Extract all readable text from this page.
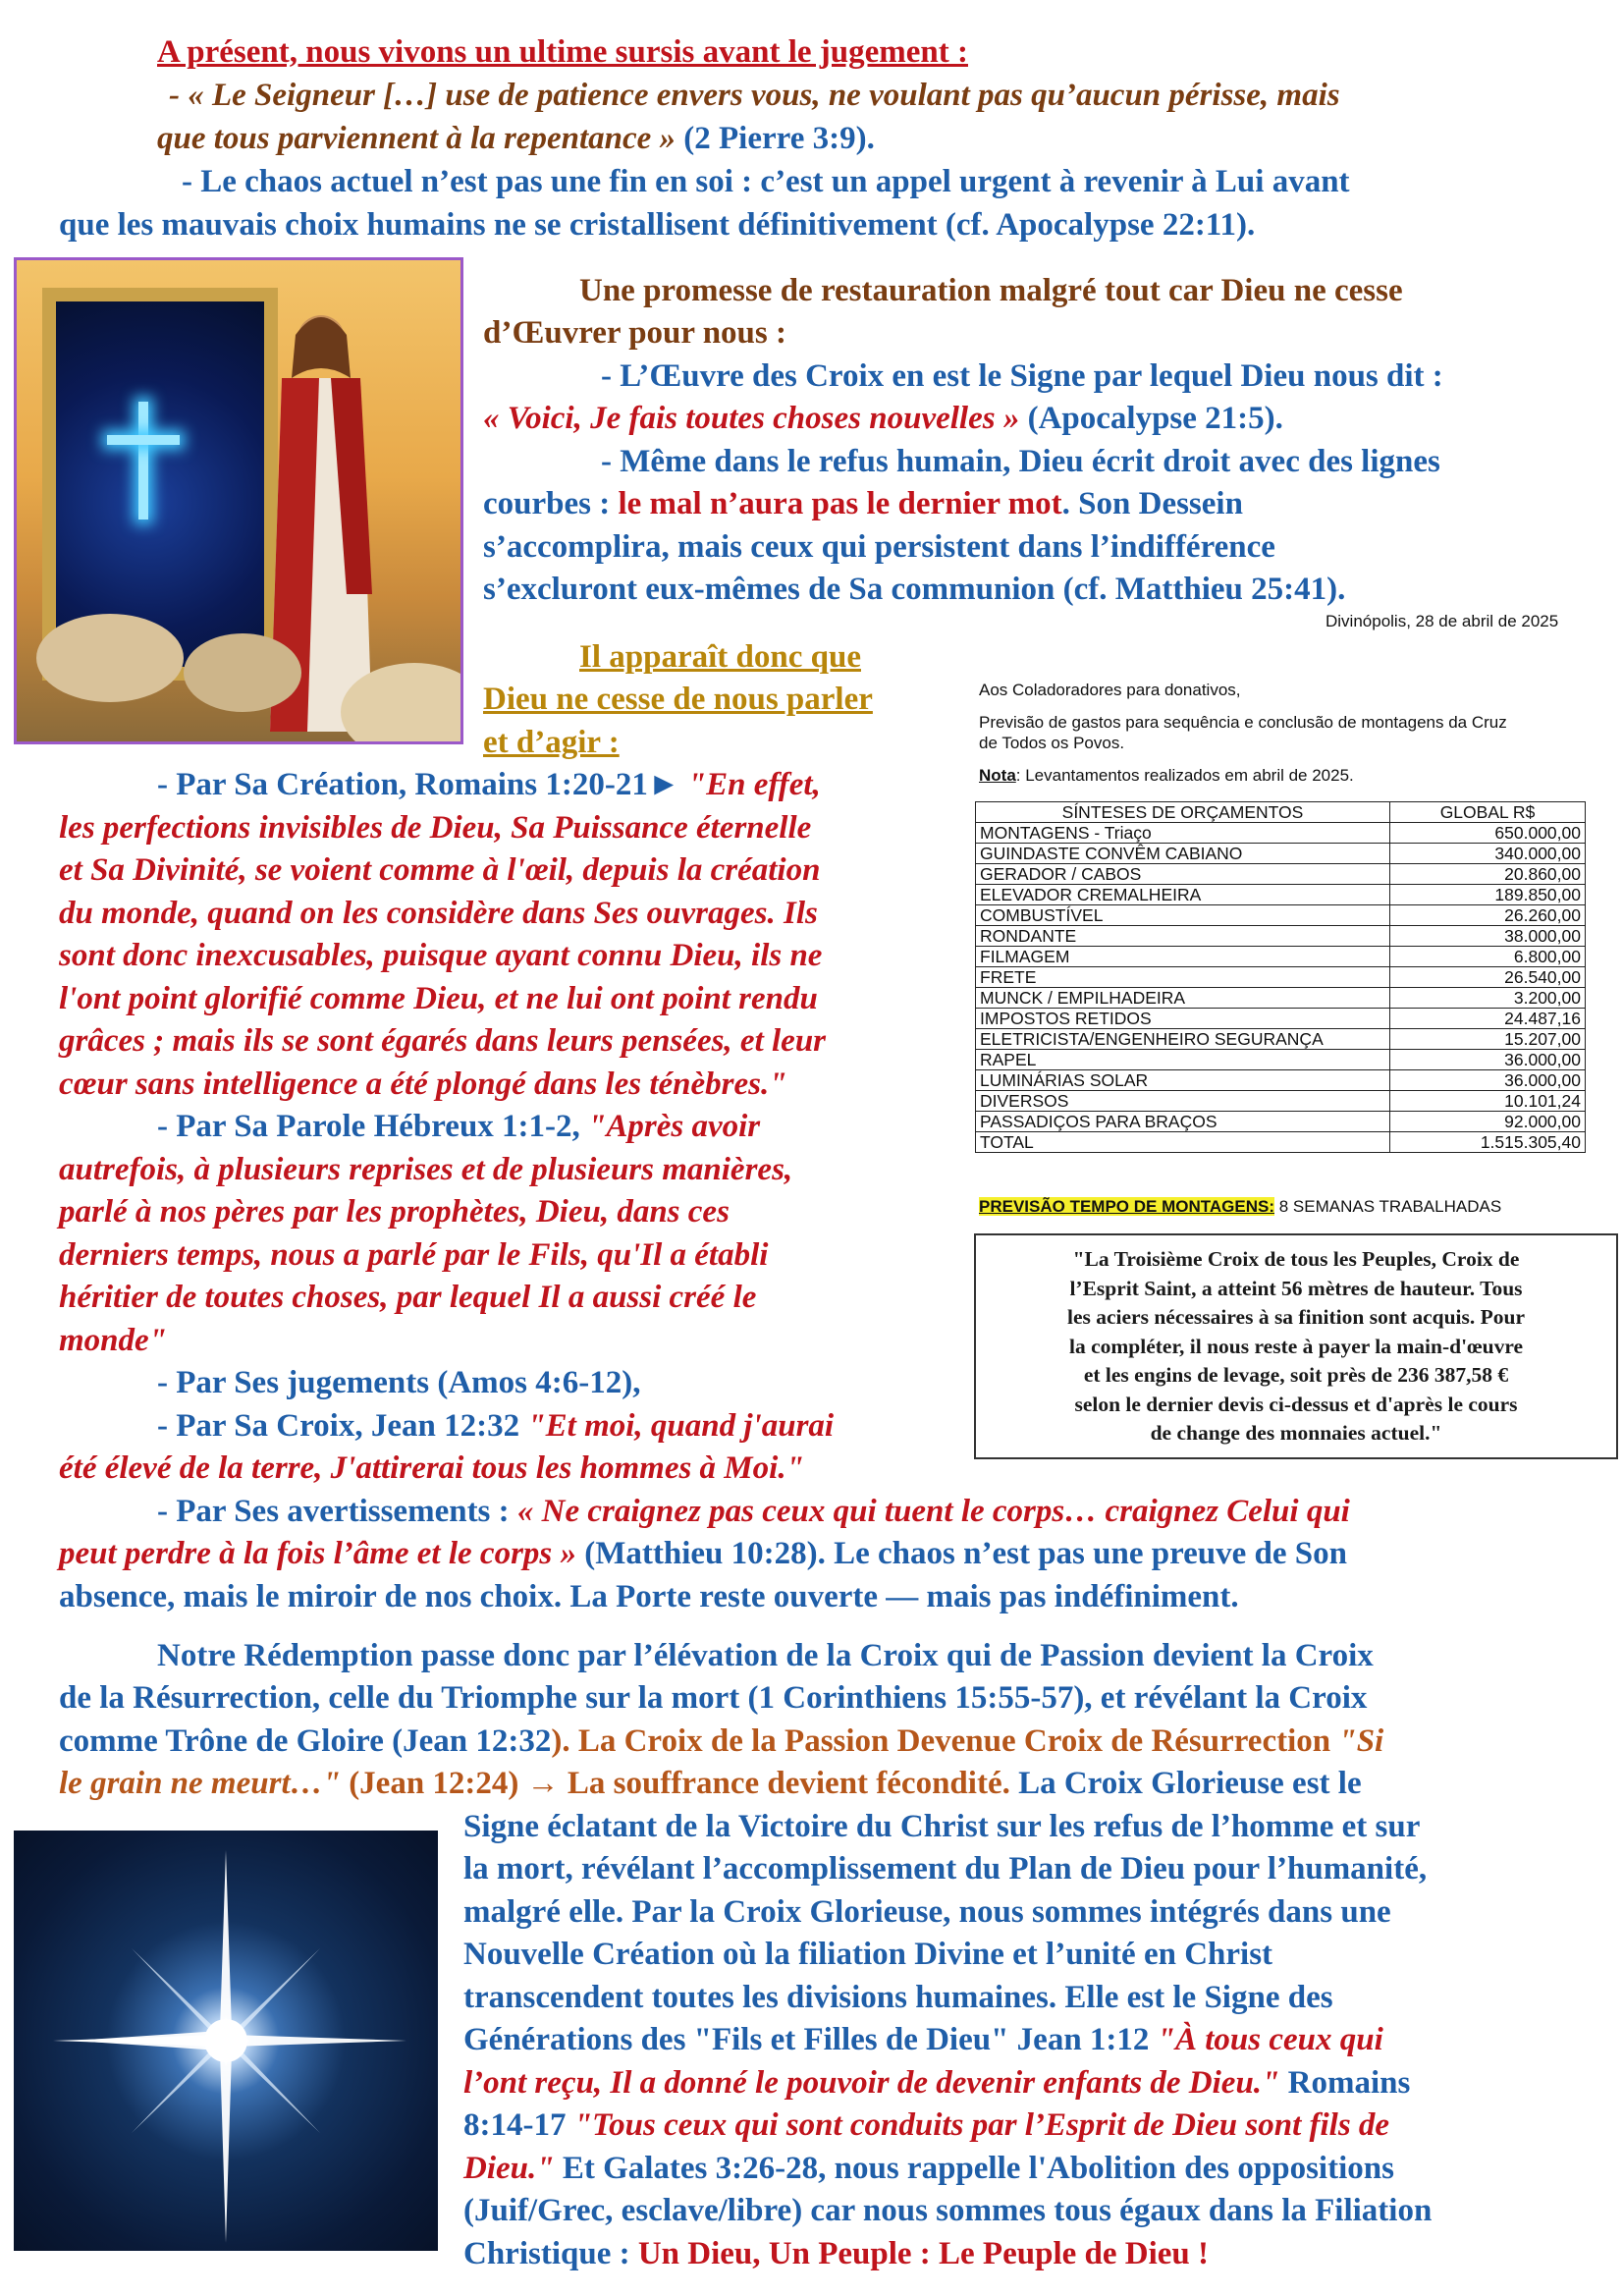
A présent, nous vivons un ultime sursis avant le jugement :
- « Le Seigneur […] use de patience envers vous, ne voulant pas qu’aucun périsse, mais
que tous parviennent à la repentance » (2 Pierre 3:9).
- Le chaos actuel n’est pas une fin en soi : c’est un appel urgent à revenir à Lui avant
que les mauvais choix humains ne se cristallisent définitivement (cf. Apocalypse 22:11).
Une promesse de restauration malgré tout car Dieu ne cesse
d’Œuvrer pour nous :
- L’Œuvre des Croix en est le Signe par lequel Dieu nous dit :
« Voici, Je fais toutes choses nouvelles » (Apocalypse 21:5).
- Même dans le refus humain, Dieu écrit droit avec des lignes
courbes : le mal n’aura pas le dernier mot. Son Dessein
s’accomplira, mais ceux qui persistent dans l’indifférence
s’excluront eux-mêmes de Sa communion (cf. Matthieu 25:41).
Il apparaît donc que
Dieu ne cesse de nous parler
et d’agir :
- Par Sa Création, Romains 1:20-21► "En effet,
les perfections invisibles de Dieu, Sa Puissance éternelle
et Sa Divinité, se voient comme à l'œil, depuis la création
du monde, quand on les considère dans Ses ouvrages. Ils
sont donc inexcusables, puisque ayant connu Dieu, ils ne
l'ont point glorifié comme Dieu, et ne lui ont point rendu
grâces ; mais ils se sont égarés dans leurs pensées, et leur
cœur sans intelligence a été plongé dans les ténèbres."
- Par Sa Parole Hébreux 1:1-2, "Après avoir
autrefois, à plusieurs reprises et de plusieurs manières,
parlé à nos pères par les prophètes, Dieu, dans ces
derniers temps, nous a parlé par le Fils, qu'Il a établi
héritier de toutes choses, par lequel Il a aussi créé le
monde"
- Par Ses jugements (Amos 4:6-12),
- Par Sa Croix, Jean 12:32 "Et moi, quand j'aurai
été élevé de la terre, J'attirerai tous les hommes à Moi."
- Par Ses avertissements : « Ne craignez pas ceux qui tuent le corps… craignez Celui qui
peut perdre à la fois l’âme et le corps » (Matthieu 10:28). Le chaos n’est pas une preuve de Son
absence, mais le miroir de nos choix. La Porte reste ouverte — mais pas indéfiniment.
Notre Rédemption passe donc par l’élévation de la Croix qui de Passion devient la Croix
de la Résurrection, celle du Triomphe sur la mort (1 Corinthiens 15:55-57), et révélant la Croix
comme Trône de Gloire (Jean 12:32). La Croix de la Passion Devenue Croix de Résurrection "Si
le grain ne meurt…" (Jean 12:24) → La souffrance devient fécondité. La Croix Glorieuse est le
Signe éclatant de la Victoire du Christ sur les refus de l’homme et sur
la mort, révélant l’accomplissement du Plan de Dieu pour l’humanité,
malgré elle. Par la Croix Glorieuse, nous sommes intégrés dans une
Nouvelle Création où la filiation Divine et l’unité en Christ
transcendent toutes les divisions humaines. Elle est le Signe des
Générations des "Fils et Filles de Dieu" Jean 1:12 "À tous ceux qui
l’ont reçu, Il a donné le pouvoir de devenir enfants de Dieu." Romains
8:14-17 "Tous ceux qui sont conduits par l’Esprit de Dieu sont fils de
Dieu." Et Galates 3:26-28, nous rappelle l'Abolition des oppositions
(Juif/Grec, esclave/libre) car nous sommes tous égaux dans la Filiation
Christique : Un Dieu, Un Peuple : Le Peuple de Dieu !
Divinópolis, 28 de abril de 2025
Aos Coladoradores para donativos,
Previsão de gastos para sequência e conclusão de montagens da Cruz
de Todos os Povos.
Nota: Levantamentos realizados em abril de 2025.
SÍNTESES DE ORÇAMENTOS	GLOBAL R$
MONTAGENS - Triaço	650.000,00
GUINDASTE CONVÊM CABIANO	340.000,00
GERADOR / CABOS	20.860,00
ELEVADOR CREMALHEIRA	189.850,00
COMBUSTÍVEL	26.260,00
RONDANTE	38.000,00
FILMAGEM	6.800,00
FRETE	26.540,00
MUNCK / EMPILHADEIRA	3.200,00
IMPOSTOS RETIDOS	24.487,16
ELETRICISTA/ENGENHEIRO SEGURANÇA	15.207,00
RAPEL	36.000,00
LUMINÁRIAS SOLAR	36.000,00
DIVERSOS	10.101,24
PASSADIÇOS PARA BRAÇOS	92.000,00
TOTAL	1.515.305,40
PREVISÃO TEMPO DE MONTAGENS: 8 SEMANAS TRABALHADAS
"La Troisième Croix de tous les Peuples, Croix de
l’Esprit Saint, a atteint 56 mètres de hauteur. Tous
les aciers nécessaires à sa finition sont acquis. Pour
la compléter, il nous reste à payer la main-d'œuvre
et les engins de levage, soit près de 236 387,58 €
selon le dernier devis ci-dessus et d'après le cours
de change des monnaies actuel."
